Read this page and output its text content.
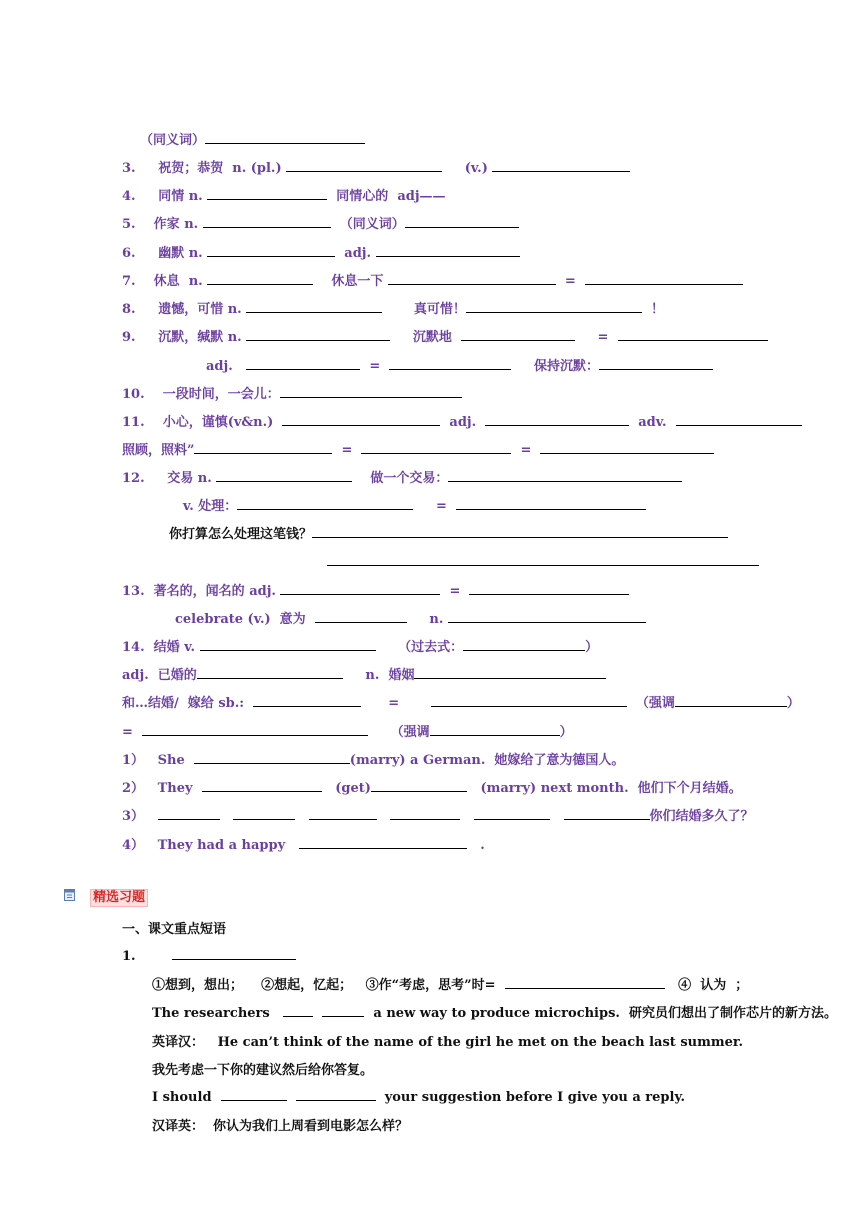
（同义词）
3.     祝贺；恭贺  n. (pl.)	(v.)
4.     同情 n.	同情心的  adj——
5.    作家 n.	（同义词）
6.     幽默 n.	adj.
7.    休息  n.	休息一下	=
8.     遗憾，可惜 n.	真可惜！	！
9.     沉默，缄默 n.	沉默地	=
adj.	=	保持沉默：
10.    一段时间，一会儿：
11.    小心，谨慎(v&n.)	adj.	adv.
照顾，照料”	=	=
12.     交易 n.	做一个交易：
v. 处理：	=
你打算怎么处理这笔钱？
13.  著名的，闻名的 adj.	=
celebrate (v.)  意为	n.
14.  结婚 v.	（过去式：	）
adj.  已婚的	n.  婚姻
和…结婚/  嫁给 sb.:	=	（强调	）
=	（强调	）
1）   She	(marry) a German.  她嫁给了意为德国人。
2）   They	(get)	(marry) next month.  他们下个月结婚。
3）	你们结婚多久了？
4）   They had a happy	.
一、课文重点短语
1.
①想到，想出；    ②想起，忆起；   ③作“考虑，思考”时=	④  认为  ；
The researchers	a new way to produce microchips.  研究员们想出了制作芯片的新方法。
英译汉：   He can’t think of the name of the girl he met on the beach last summer.
我先考虑一下你的建议然后给你答复。
I should	your suggestion before I give you a reply.
汉译英：  你认为我们上周看到电影怎么样？
精选习题
